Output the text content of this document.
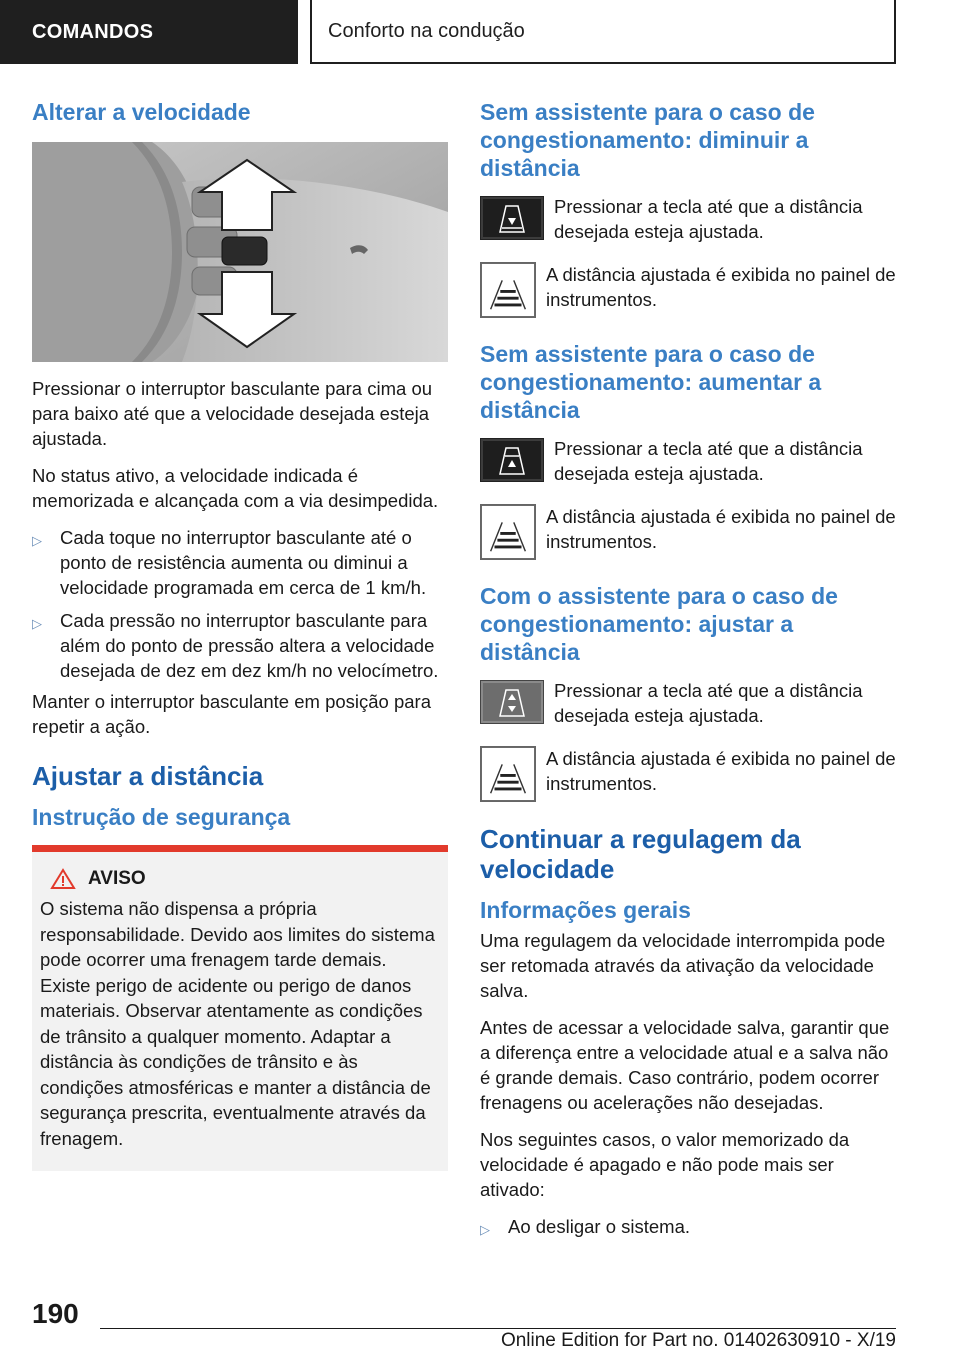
COMANDOS	Conforto na condução
Alterar a velocidade

Pressionar o interruptor basculante para cima ou para baixo até que a velocidade desejada esteja ajustada.

No status ativo, a velocidade indicada é memorizada e alcançada com a via desimpedida.

▷ Cada toque no interruptor basculante até o ponto de resistência aumenta ou diminui a velocidade programada em cerca de 1 km/h.
▷ Cada pressão no interruptor basculante para além do ponto de pressão altera a velocidade desejada de dez em dez km/h no velocímetro.

Manter o interruptor basculante em posição para repetir a ação.

Ajustar a distância
Instrução de segurança
AVISO

O sistema não dispensa a própria responsabilidade. Devido aos limites do sistema pode ocorrer uma frenagem tarde demais. Existe perigo de acidente ou perigo de danos materiais. Observar atentamente as condições de trânsito a qualquer momento. Adaptar a distância às condições de trânsito e às condições atmosféricas e manter a distância de segurança prescrita, eventualmente através da frenagem.

Sem assistente para o caso de congestionamento: diminuir a distância

Pressionar a tecla até que a distância desejada esteja ajustada.

A distância ajustada é exibida no painel de instrumentos.

Sem assistente para o caso de congestionamento: aumentar a distância

Pressionar a tecla até que a distância desejada esteja ajustada.

A distância ajustada é exibida no painel de instrumentos.

Com o assistente para o caso de congestionamento: ajustar a distância

Pressionar a tecla até que a distância desejada esteja ajustada.

A distância ajustada é exibida no painel de instrumentos.

Continuar a regulagem da velocidade
Informações gerais

Uma regulagem da velocidade interrompida pode ser retomada através da ativação da velocidade salva.

Antes de acessar a velocidade salva, garantir que a diferença entre a velocidade atual e a salva não é grande demais. Caso contrário, podem ocorrer frenagens ou acelerações não desejadas.

Nos seguintes casos, o valor memorizado da velocidade é apagado e não pode mais ser ativado:

▷ Ao desligar o sistema.
190
Online Edition for Part no. 01402630910 - X/19
